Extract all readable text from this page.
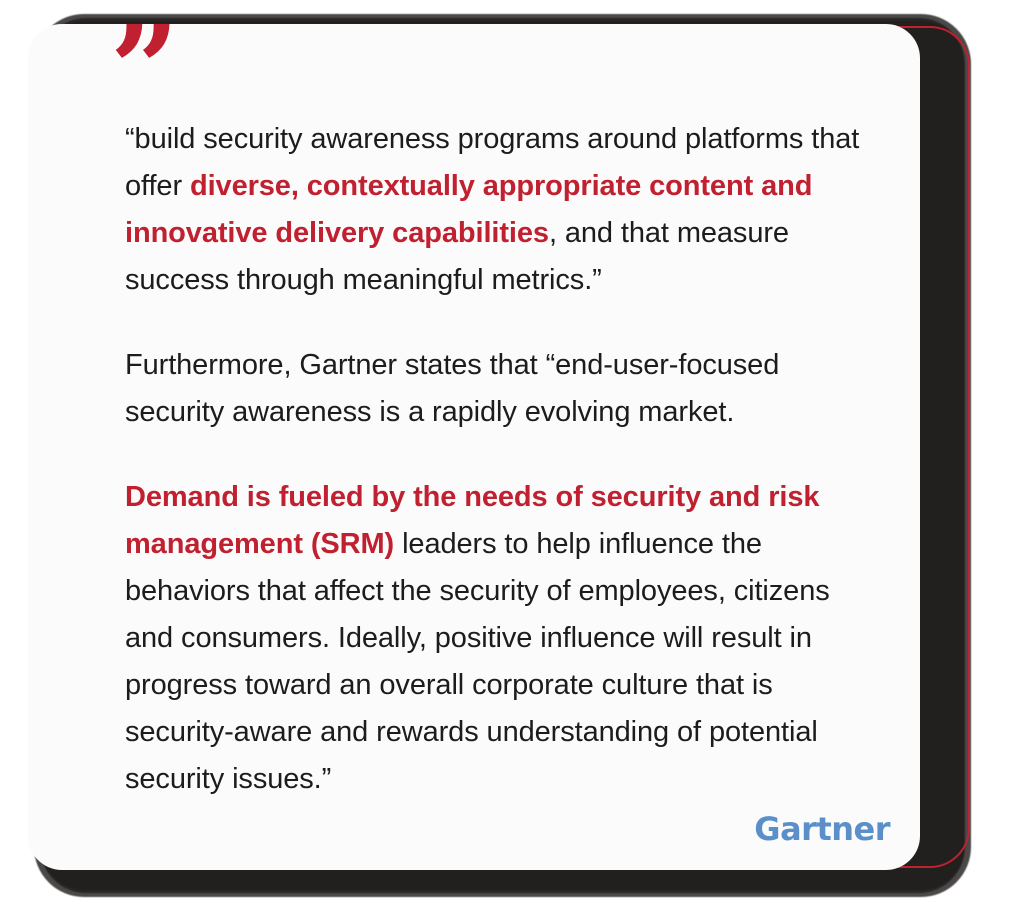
”

“build security awareness programs around platforms that offer diverse, contextually appropriate content and innovative delivery capabilities, and that measure success through meaningful metrics.”

Furthermore, Gartner states that “end-user-focused security awareness is a rapidly evolving market.

Demand is fueled by the needs of security and risk management (SRM) leaders to help influence the behaviors that affect the security of employees, citizens and consumers. Ideally, positive influence will result in progress toward an overall corporate culture that is security-aware and rewards understanding of potential security issues.”

Gartner
